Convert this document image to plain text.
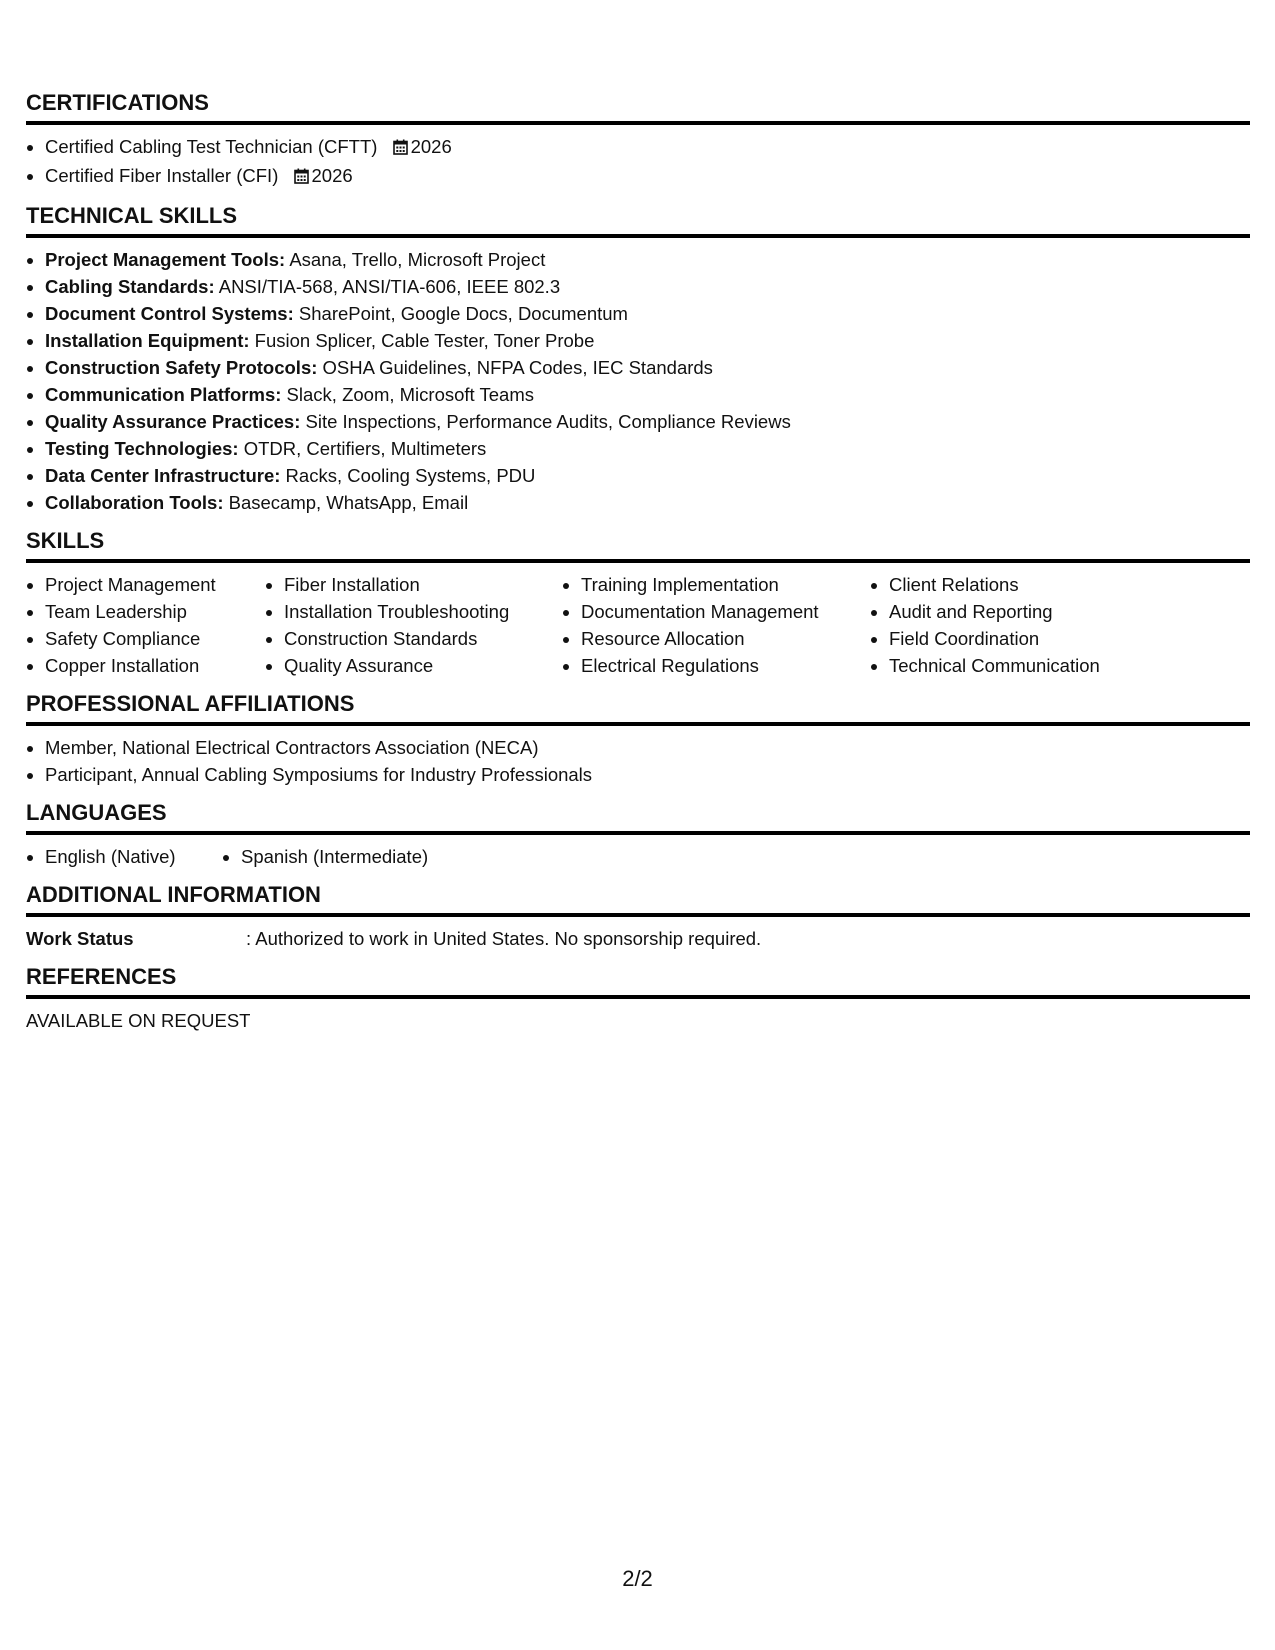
CERTIFICATIONS
• Certified Cabling Test Technician (CFTT) 2026
• Certified Fiber Installer (CFI) 2026
TECHNICAL SKILLS
• Project Management Tools: Asana, Trello, Microsoft Project
• Cabling Standards: ANSI/TIA-568, ANSI/TIA-606, IEEE 802.3
• Document Control Systems: SharePoint, Google Docs, Documentum
• Installation Equipment: Fusion Splicer, Cable Tester, Toner Probe
• Construction Safety Protocols: OSHA Guidelines, NFPA Codes, IEC Standards
• Communication Platforms: Slack, Zoom, Microsoft Teams
• Quality Assurance Practices: Site Inspections, Performance Audits, Compliance Reviews
• Testing Technologies: OTDR, Certifiers, Multimeters
• Data Center Infrastructure: Racks, Cooling Systems, PDU
• Collaboration Tools: Basecamp, WhatsApp, Email
SKILLS
• Project Management
• Team Leadership
• Safety Compliance
• Copper Installation
• Fiber Installation
• Installation Troubleshooting
• Construction Standards
• Quality Assurance
• Training Implementation
• Documentation Management
• Resource Allocation
• Electrical Regulations
• Client Relations
• Audit and Reporting
• Field Coordination
• Technical Communication
PROFESSIONAL AFFILIATIONS
• Member, National Electrical Contractors Association (NECA)
• Participant, Annual Cabling Symposiums for Industry Professionals
LANGUAGES
• English (Native)
•	Spanish (Intermediate)
ADDITIONAL INFORMATION
Work Status	: Authorized to work in United States. No sponsorship required.
REFERENCES
AVAILABLE ON REQUEST
2/2
